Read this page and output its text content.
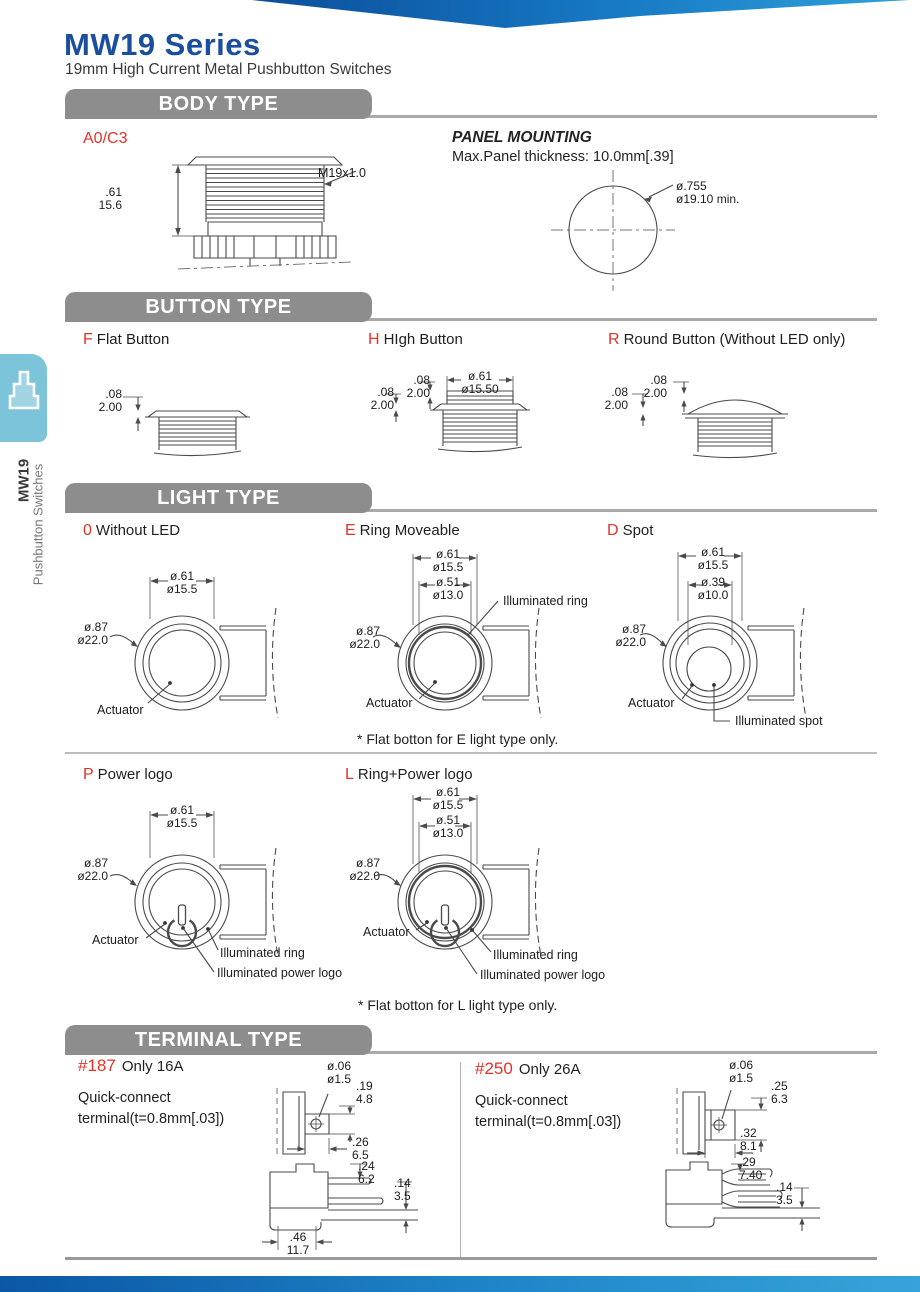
MW19 Series
19mm High Current Metal Pushbutton Switches
MW19
Pushbutton Switches
BODY TYPE
A0/C3
.61
15.6
M19x1.0
PANEL MOUNTING
Max.Panel thickness: 10.0mm[.39]
ø.755
ø19.10 min.
BUTTON TYPE
F Flat Button	H HIgh Button	R Round Button (Without LED only)
.08
2.00
ø.61
ø15.50
.08
2.00
.08
2.00	.08
2.00
.08
2.00
LIGHT TYPE
0 Without LED	E Ring Moveable	D Spot
ø.61
ø15.5
ø.87
ø22.0
Actuator
ø.61
ø15.5
ø.51
ø13.0
ø.87
ø22.0
Illuminated ring
Actuator
* Flat botton for E light type only.
ø.61
ø15.5
ø.39
ø10.0
ø.87
ø22.0
Actuator
Illuminated spot
P Power logo	L Ring+Power logo
ø.61
ø15.5
ø.87
ø22.0
Actuator
Illuminated ring
Illuminated power logo
ø.61
ø15.5
ø.51
ø13.0
ø.87
ø22.0
Actuator
Illuminated ring
Illuminated power logo
* Flat botton for L light type only.
TERMINAL TYPE
#187 Only 16A
Quick-connect
terminal(t=0.8mm[.03])
ø.06
ø1.5
.19
4.8
.26
6.5
.24
6.2 .14
3.5
.46
11.7
#250 Only 26A
Quick-connect
terminal(t=0.8mm[.03])
ø.06
ø1.5
.25
6.3
.32
8.1
.29
7.40
.14
3.5
